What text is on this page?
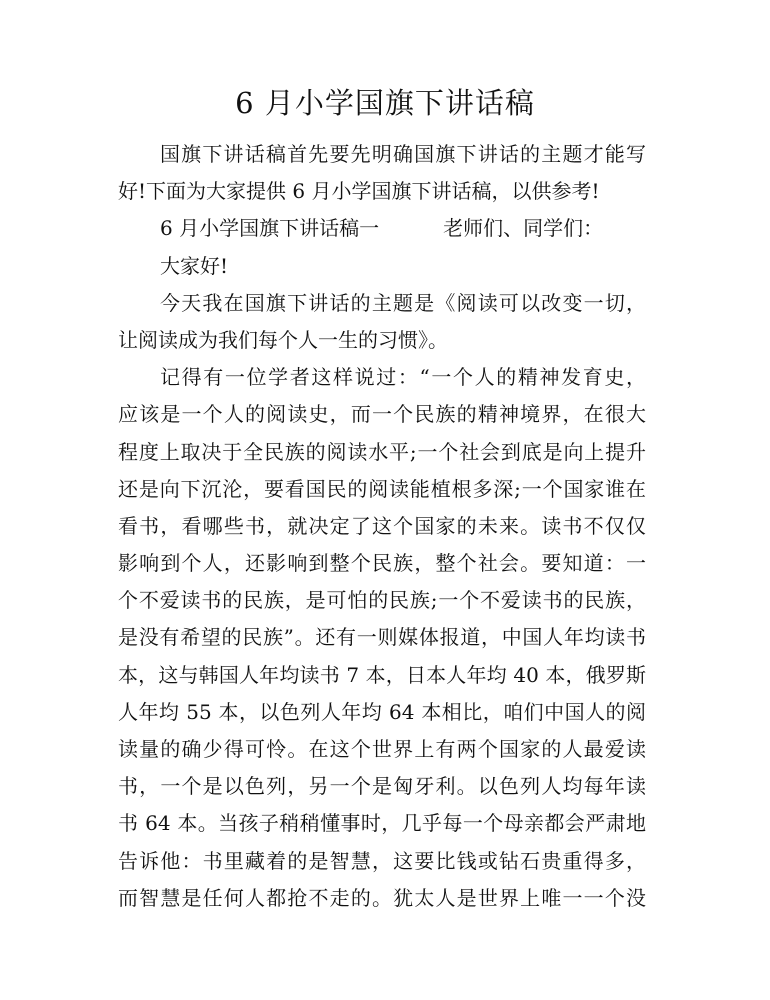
6 月小学国旗下讲话稿
国旗下讲话稿首先要先明确国旗下讲话的主题才能写
好!下面为大家提供 6 月小学国旗下讲话稿，以供参考!
6 月小学国旗下讲话稿一	老师们、同学们：
大家好!
今天我在国旗下讲话的主题是《阅读可以改变一切，
让阅读成为我们每个人一生的习惯》。
记得有一位学者这样说过：“一个人的精神发育史，
应该是一个人的阅读史，而一个民族的精神境界，在很大
程度上取决于全民族的阅读水平;一个社会到底是向上提升
还是向下沉沦，要看国民的阅读能植根多深;一个国家谁在
看书，看哪些书，就决定了这个国家的未来。读书不仅仅
影响到个人，还影响到整个民族，整个社会。要知道：一
个不爱读书的民族，是可怕的民族;一个不爱读书的民族，
是没有希望的民族”。还有一则媒体报道，中国人年均读书
本，这与韩国人年均读书 7 本，日本人年均 40 本，俄罗斯
人年均 55 本，以色列人年均 64 本相比，咱们中国人的阅
读量的确少得可怜。在这个世界上有两个国家的人最爱读
书，一个是以色列，另一个是匈牙利。以色列人均每年读
书 64 本。当孩子稍稍懂事时，几乎每一个母亲都会严肃地
告诉他：书里藏着的是智慧，这要比钱或钻石贵重得多，
而智慧是任何人都抢不走的。犹太人是世界上唯一一个没
